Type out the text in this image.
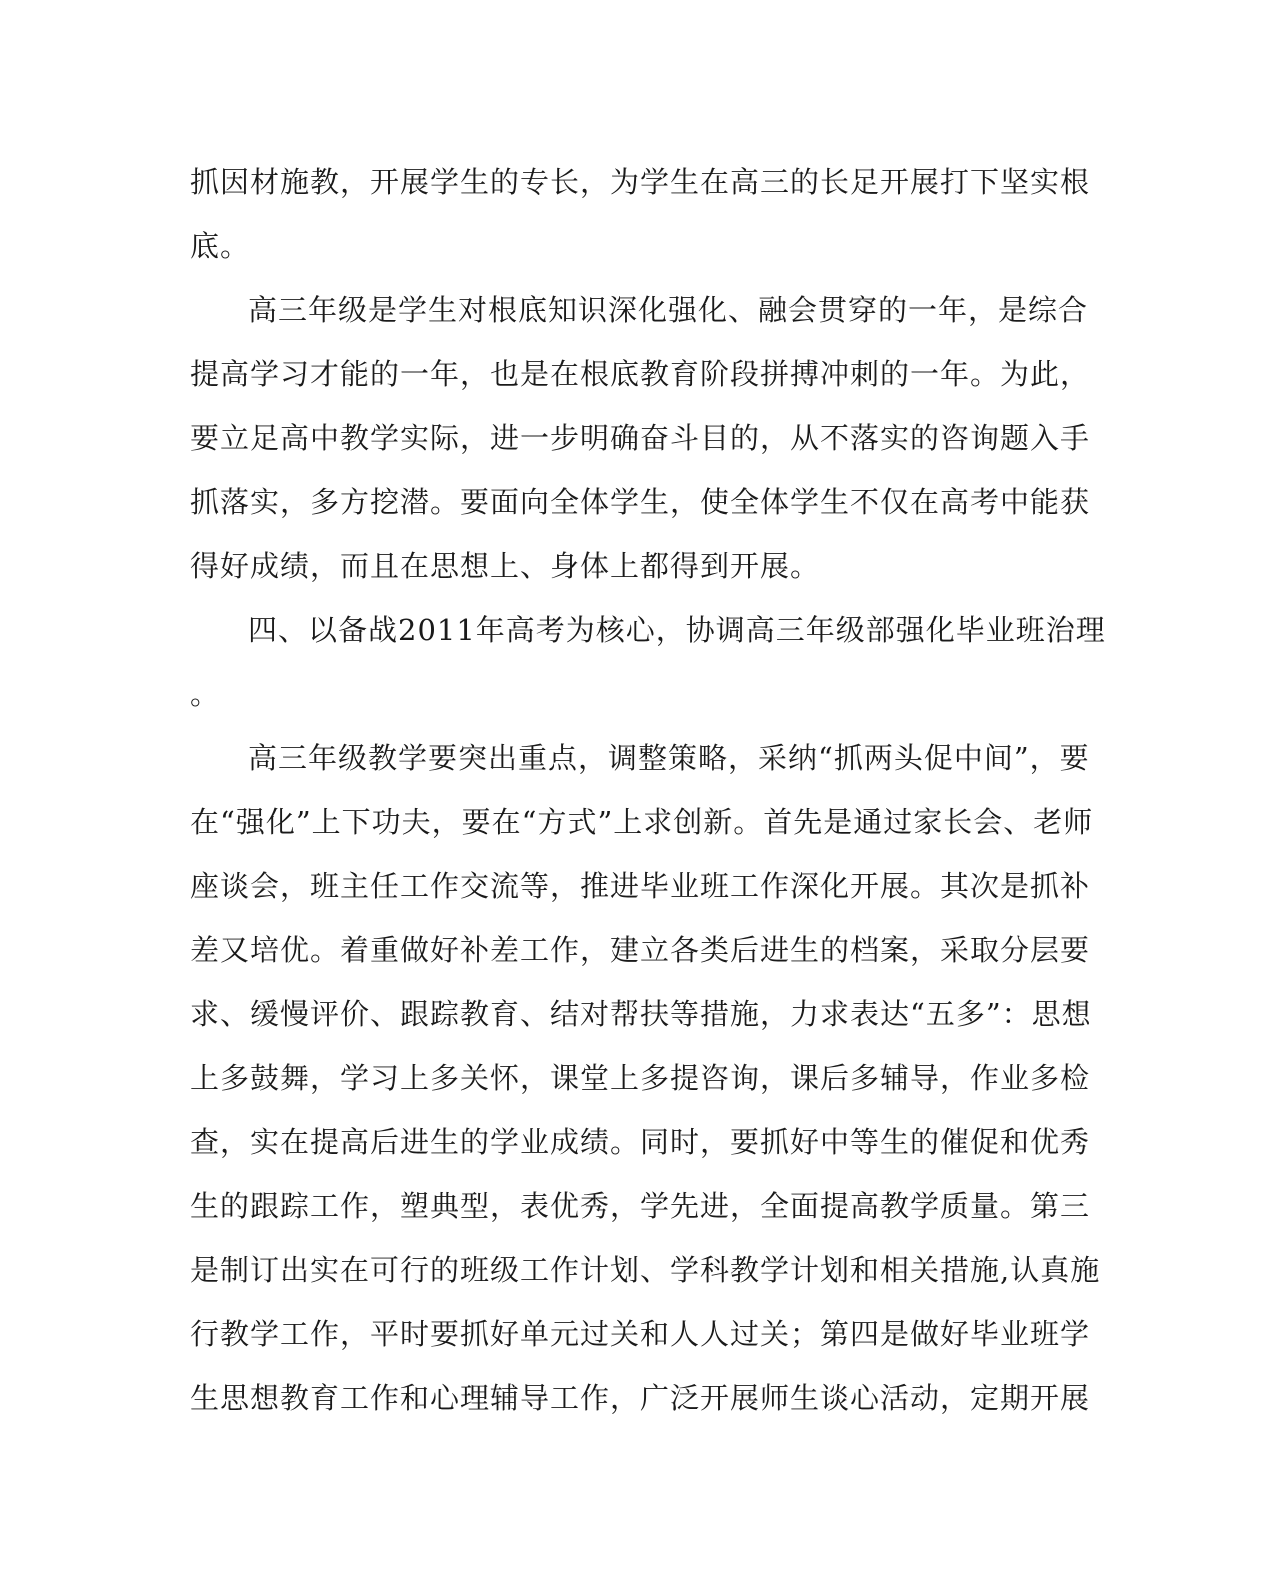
抓因材施教，开展学生的专长，为学生在高三的长足开展打下坚实根
底。
高三年级是学生对根底知识深化强化、融会贯穿的一年，是综合
提高学习才能的一年，也是在根底教育阶段拼搏冲刺的一年。为此，
要立足高中教学实际，进一步明确奋斗目的，从不落实的咨询题入手
抓落实，多方挖潜。要面向全体学生，使全体学生不仅在高考中能获
得好成绩，而且在思想上、身体上都得到开展。
四、以备战2011年高考为核心，协调高三年级部强化毕业班治理
。
高三年级教学要突出重点，调整策略，采纳“抓两头促中间”，要
在“强化”上下功夫，要在“方式”上求创新。首先是通过家长会、老师
座谈会，班主任工作交流等，推进毕业班工作深化开展。其次是抓补
差又培优。着重做好补差工作，建立各类后进生的档案，采取分层要
求、缓慢评价、跟踪教育、结对帮扶等措施，力求表达“五多”：思想
上多鼓舞，学习上多关怀，课堂上多提咨询，课后多辅导，作业多检
查，实在提高后进生的学业成绩。同时，要抓好中等生的催促和优秀
生的跟踪工作，塑典型，表优秀，学先进，全面提高教学质量。第三
是制订出实在可行的班级工作计划、学科教学计划和相关措施,认真施
行教学工作，平时要抓好单元过关和人人过关；第四是做好毕业班学
生思想教育工作和心理辅导工作，广泛开展师生谈心活动，定期开展
